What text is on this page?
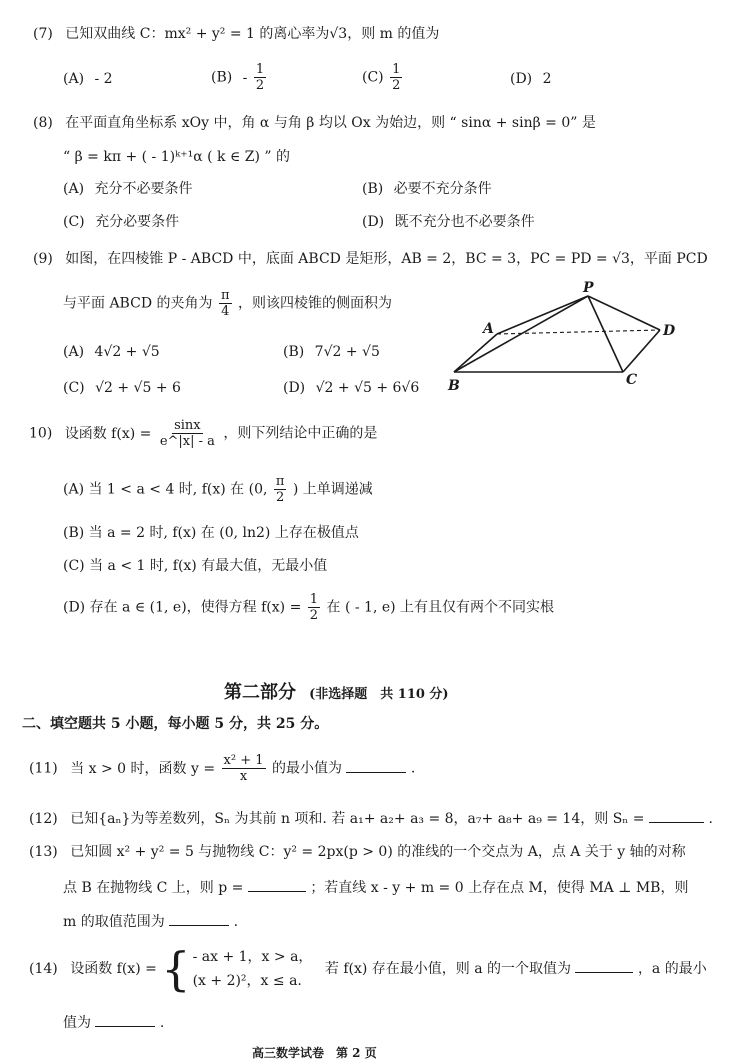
(7) 已知双曲线 C：mx² + y² = 1 的离心率为√3，则 m 的值为
(A) - 2	$(B) - \frac{1}{2}$	$(C) \frac{1}{2}$	(D) 2
(8) 在平面直角坐标系 xOy 中，角 α 与角 β 均以 Ox 为始边，则 “ sinα + sinβ = 0” 是
“ β = kπ + ( - 1)ᵏ⁺¹α ( k ∈ Z) ” 的
(A) 充分不必要条件	(B) 必要不充分条件
(C) 充分必要条件	(D) 既不充分也不必要条件
(9) 如图，在四棱锥 P - ABCD 中，底面 ABCD 是矩形，AB = 2，BC = 3，PC = PD = √3，平面 PCD
与平面 ABCD 的夹角为 $\frac{\pi}{4}$ ，则该四棱锥的侧面积为
(A) 4√2 + √5	(B) 7√2 + √5
(C) √2 + √5 + 6	(D) √2 + √5 + 6√6
P
A	D
B	C
10) 设函数 $f(x) = \frac{\sin x}{e\^{}|x| - a}$ ，则下列结论中正确的是
(A) 当 1 < a < 4 时, f(x) 在 (0, $\frac{\pi}{2}$ ) 上单调递减
(B) 当 a = 2 时, f(x) 在 (0, ln2) 上存在极值点
(C) 当 a < 1 时, f(x) 有最大值，无最小值
(D) 存在 a ∈ (1, e)，使得方程 $f(x) = \frac{1}{2}$ 在 ( - 1, e) 上有且仅有两个不同实根
第二部分 (非选择题　共 110 分)
二、填空题共 5 小题，每小题 5 分，共 25 分。
(11) 当 x > 0 时，函数 $y = \frac{\text{x² + 1}}{x}$ 的最小值为	.
(12) 已知{aₙ}为等差数列，Sₙ 为其前 n 项和. 若 a₁+ a₂+ a₃ = 8，a₇+ a₈+ a₉ = 14，则 Sₙ =	.
(13) 已知圆 x² + y² = 5 与抛物线 C：y² = 2px(p > 0) 的准线的一个交点为 A，点 A 关于 y 轴的对称
点 B 在抛物线 C 上，则 p =	；若直线 x - y + m = 0 上存在点 M，使得 MA ⊥ MB，则
m 的取值范围为	.
(14) 设函数 f(x) = { - ax + 1，x > a，
(x + 2)²，x ≤ a.
若 f(x) 存在最小值，则 a 的一个取值为	，a 的最小
值为	.
高三数学试卷　第 2 页
